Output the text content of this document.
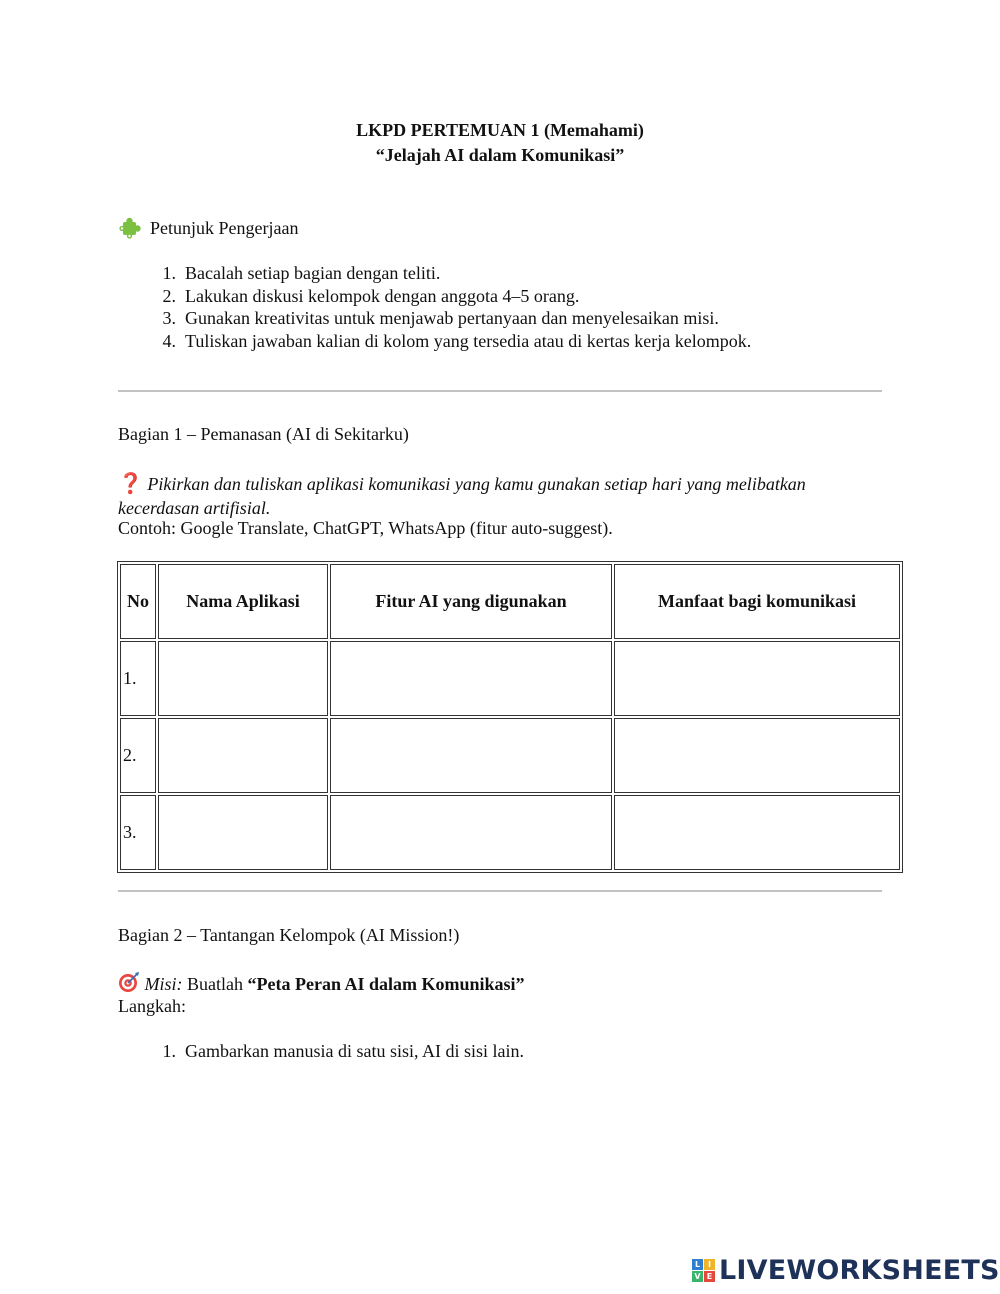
LKPD PERTEMUAN 1 (Memahami)
“Jelajah AI dalam Komunikasi”
Petunjuk Pengerjaan
1. Bacalah setiap bagian dengan teliti.
2. Lakukan diskusi kelompok dengan anggota 4–5 orang.
3. Gunakan kreativitas untuk menjawab pertanyaan dan menyelesaikan misi.
4. Tuliskan jawaban kalian di kolom yang tersedia atau di kertas kerja kelompok.
Bagian 1 – Pemanasan (AI di Sekitarku)
❓ Pikirkan dan tuliskan aplikasi komunikasi yang kamu gunakan setiap hari yang melibatkan kecerdasan artifisial.
Contoh: Google Translate, ChatGPT, WhatsApp (fitur auto-suggest).
No	Nama Aplikasi	Fitur AI yang digunakan	Manfaat bagi komunikasi
1.			
2.			
3.			
Bagian 2 – Tantangan Kelompok (AI Mission!)
Misi: Buatlah “Peta Peran AI dalam Komunikasi”
Langkah:
1. Gambarkan manusia di satu sisi, AI di sisi lain.
L I
V E LIVEWORKSHEETS
